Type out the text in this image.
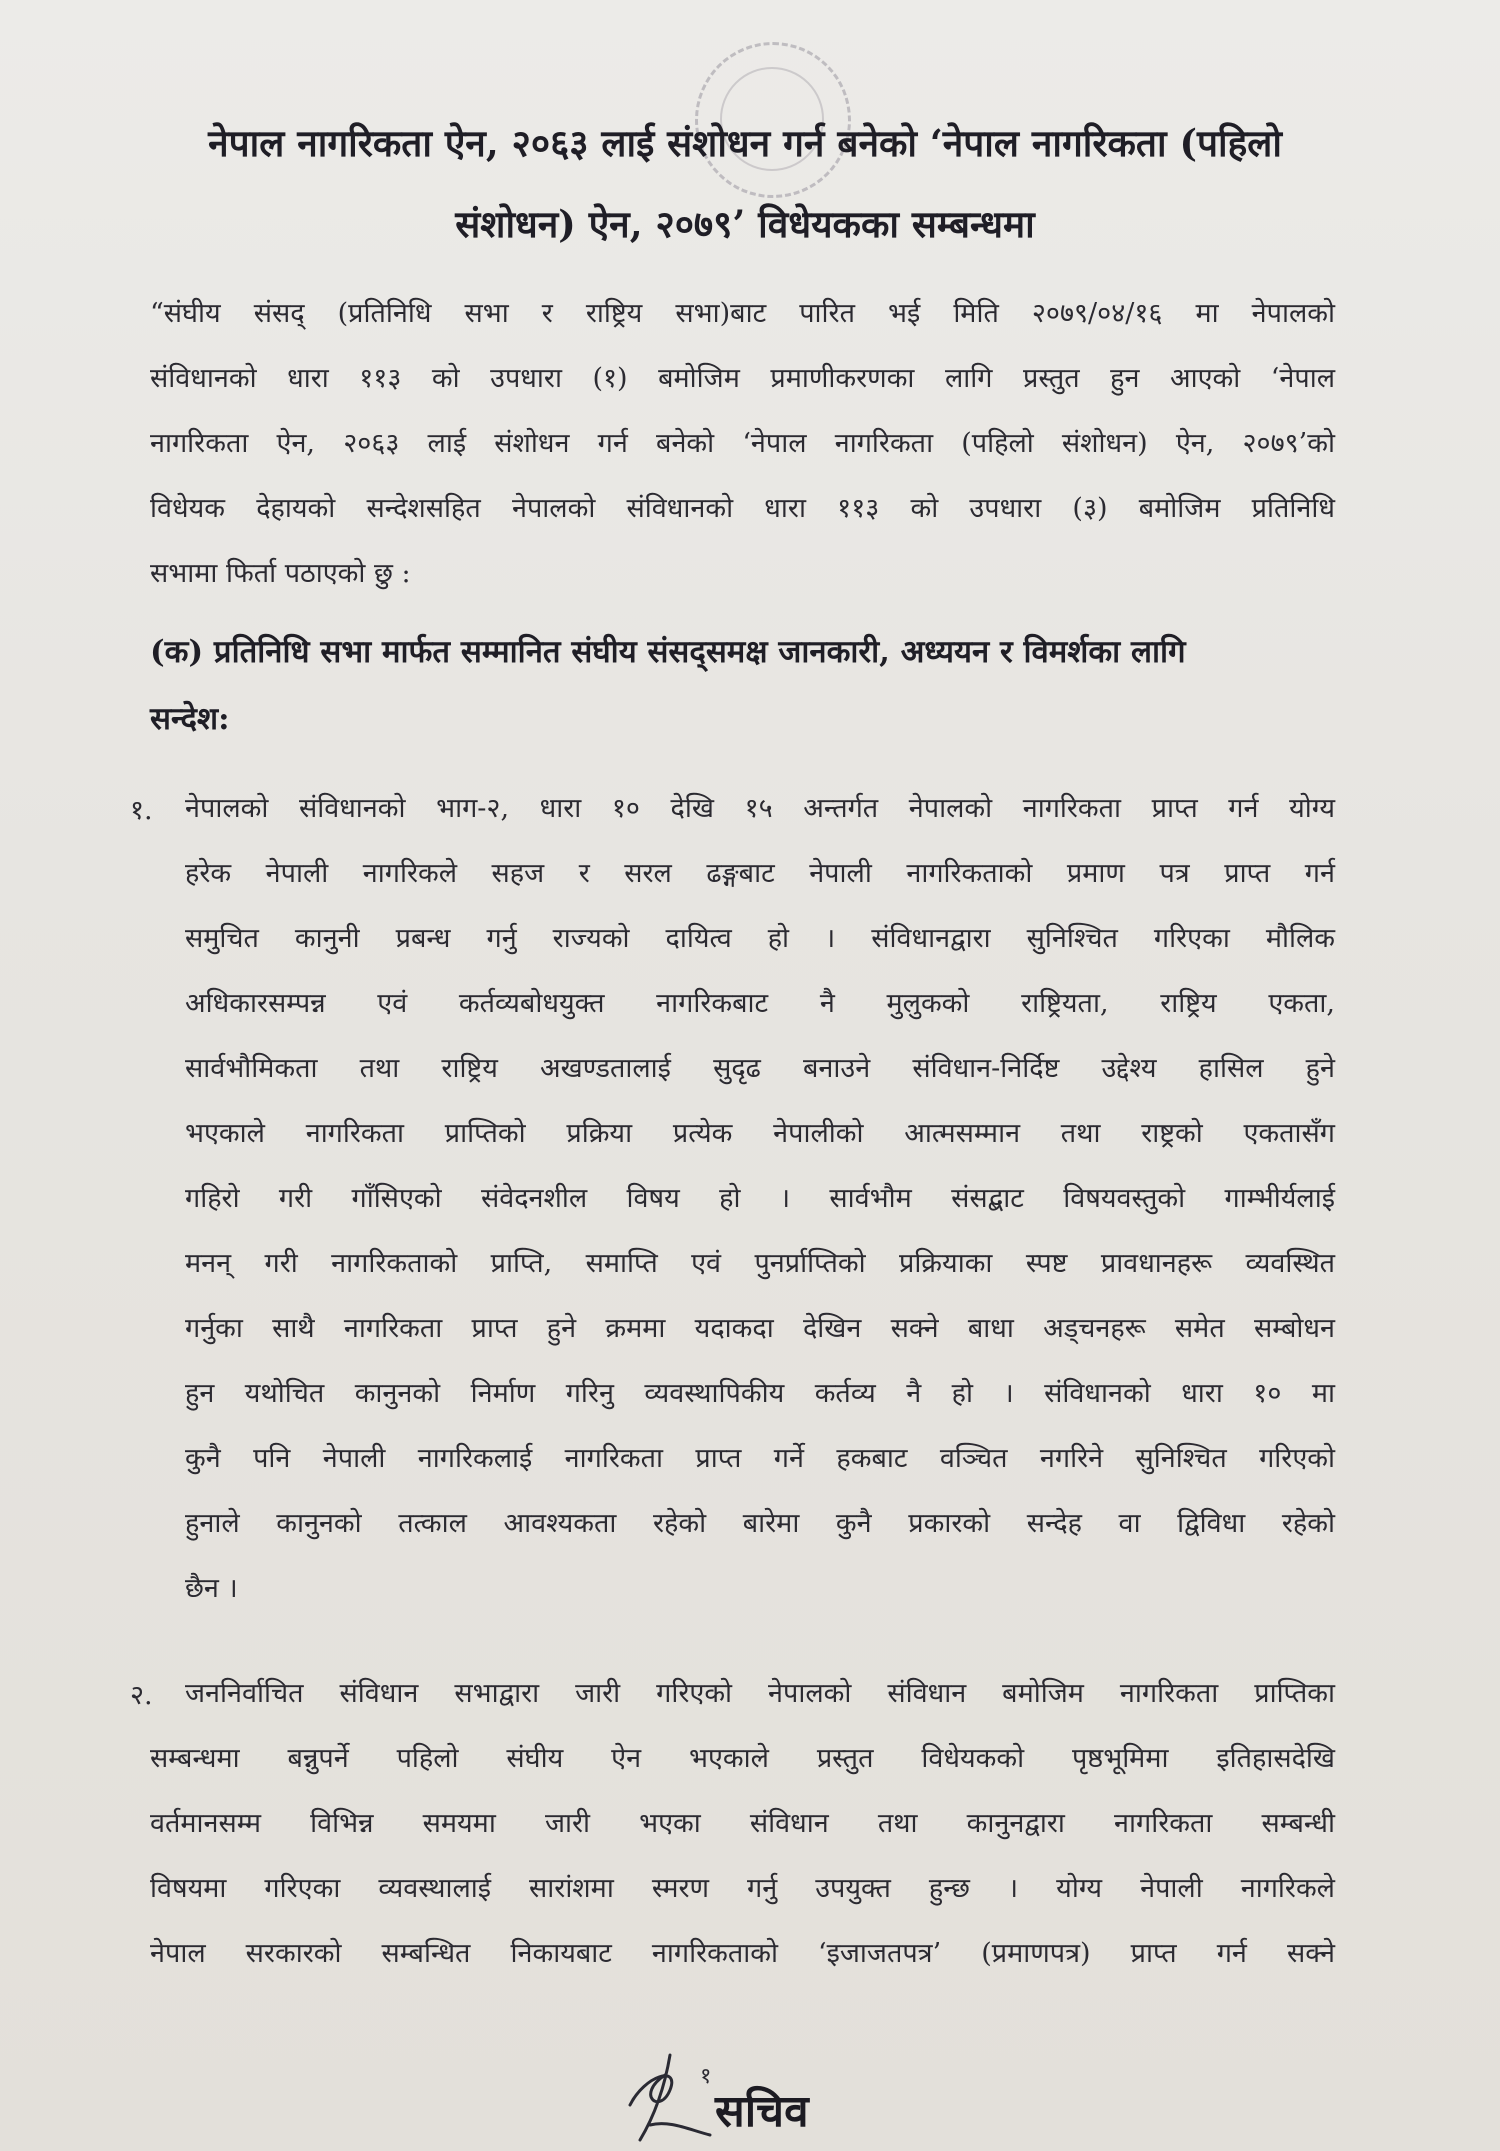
नेपाल नागरिकता ऐन, २०६३ लाई संशोधन गर्न बनेको ‘नेपाल नागरिकता (पहिलो
संशोधन) ऐन, २०७९’ विधेयकका सम्बन्धमा
“संघीय संसद् (प्रतिनिधि सभा र राष्ट्रिय सभा)बाट पारित भई मिति २०७९/०४/१६ मा नेपालको
संविधानको धारा ११३ को उपधारा (१) बमोजिम प्रमाणीकरणका लागि प्रस्तुत हुन आएको ‘नेपाल
नागरिकता ऐन, २०६३ लाई संशोधन गर्न बनेको ‘नेपाल नागरिकता (पहिलो संशोधन) ऐन, २०७९’को
विधेयक देहायको सन्देशसहित नेपालको संविधानको धारा ११३ को उपधारा (३) बमोजिम प्रतिनिधि
सभामा फिर्ता पठाएको छु :
(क) प्रतिनिधि सभा मार्फत सम्मानित संघीय संसद्समक्ष जानकारी, अध्ययन र विमर्शका लागि
सन्देश:
१. नेपालको संविधानको भाग-२, धारा १० देखि १५ अन्तर्गत नेपालको नागरिकता प्राप्त गर्न योग्य
हरेक नेपाली नागरिकले सहज र सरल ढङ्गबाट नेपाली नागरिकताको प्रमाण पत्र प्राप्त गर्न
समुचित कानुनी प्रबन्ध गर्नु राज्यको दायित्व हो । संविधानद्वारा सुनिश्चित गरिएका मौलिक
अधिकारसम्पन्न एवं कर्तव्यबोधयुक्त नागरिकबाट नै मुलुकको राष्ट्रियता, राष्ट्रिय एकता,
सार्वभौमिकता तथा राष्ट्रिय अखण्डतालाई सुदृढ बनाउने संविधान-निर्दिष्ट उद्देश्य हासिल हुने
भएकाले नागरिकता प्राप्तिको प्रक्रिया प्रत्येक नेपालीको आत्मसम्मान तथा राष्ट्रको एकतासँग
गहिरो गरी गाँसिएको संवेदनशील विषय हो । सार्वभौम संसद्बाट विषयवस्तुको गाम्भीर्यलाई
मनन् गरी नागरिकताको प्राप्ति, समाप्ति एवं पुनर्प्राप्तिको प्रक्रियाका स्पष्ट प्रावधानहरू व्यवस्थित
गर्नुका साथै नागरिकता प्राप्त हुने क्रममा यदाकदा देखिन सक्ने बाधा अड्चनहरू समेत सम्बोधन
हुन यथोचित कानुनको निर्माण गरिनु व्यवस्थापिकीय कर्तव्य नै हो । संविधानको धारा १० मा
कुनै पनि नेपाली नागरिकलाई नागरिकता प्राप्त गर्ने हकबाट वञ्चित नगरिने सुनिश्चित गरिएको
हुनाले कानुनको तत्काल आवश्यकता रहेको बारेमा कुनै प्रकारको सन्देह वा द्विविधा रहेको
छैन ।
२. जननिर्वाचित संविधान सभाद्वारा जारी गरिएको नेपालको संविधान बमोजिम नागरिकता प्राप्तिका
सम्बन्धमा बन्नुपर्ने पहिलो संघीय ऐन भएकाले प्रस्तुत विधेयकको पृष्ठभूमिमा इतिहासदेखि
वर्तमानसम्म विभिन्न समयमा जारी भएका संविधान तथा कानुनद्वारा नागरिकता सम्बन्धी
विषयमा गरिएका व्यवस्थालाई सारांशमा स्मरण गर्नु उपयुक्त हुन्छ । योग्य नेपाली नागरिकले
नेपाल सरकारको सम्बन्धित निकायबाट नागरिकताको ‘इजाजतपत्र’ (प्रमाणपत्र) प्राप्त गर्न सक्ने
१
सचिव
